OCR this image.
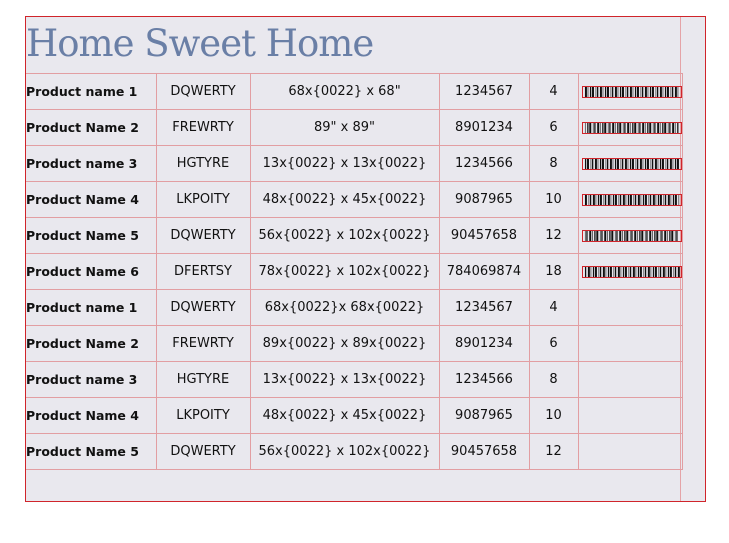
Home Sweet Home
Product name 1	DQWERTY	68x{0022} x 68"	1234567	4	

Product Name 2	FREWRTY	89" x 89"	8901234	6	

Product name 3	HGTYRE	13x{0022} x 13x{0022}	1234566	8	

Product Name 4	LKPOITY	48x{0022} x 45x{0022}	9087965	10	

Product Name 5	DQWERTY	56x{0022} x 102x{0022}	90457658	12	

Product Name 6	DFERTSY	78x{0022} x 102x{0022}	784069874	18	

Product name 1	DQWERTY	68x{0022}x 68x{0022}	1234567	4	
Product Name 2	FREWRTY	89x{0022} x 89x{0022}	8901234	6	
Product name 3	HGTYRE	13x{0022} x 13x{0022}	1234566	8	
Product Name 4	LKPOITY	48x{0022} x 45x{0022}	9087965	10	
Product Name 5	DQWERTY	56x{0022} x 102x{0022}	90457658	12	
